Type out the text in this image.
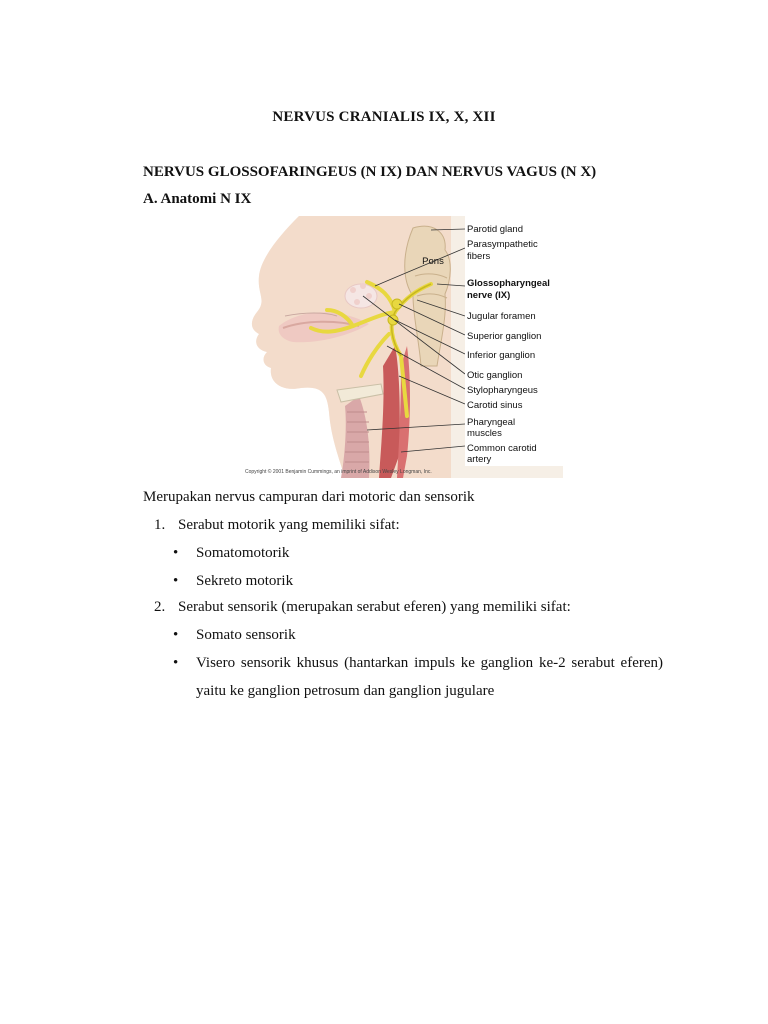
NERVUS CRANIALIS IX, X, XII
NERVUS GLOSSOFARINGEUS (N IX) DAN NERVUS VAGUS (N X)
A. Anatomi N IX
Parotid gland
Parasympathetic
fibers
Glossopharyngeal
nerve (IX)
Jugular foramen
Superior ganglion
Inferior ganglion
Otic ganglion
Stylopharyngeus
Carotid sinus
Pharyngeal
muscles
Common carotid
artery
Pons
Copyright © 2001 Benjamin Cummings, an imprint of Addison Wesley Longman, Inc.
Merupakan nervus campuran dari motoric dan sensorik
1. Serabut motorik yang memiliki sifat:
•	Somatomotorik
•	Sekreto motorik
2. Serabut sensorik (merupakan serabut eferen) yang memiliki sifat:
•	Somato sensorik
•	Visero sensorik khusus (hantarkan impuls ke ganglion ke-2 serabut eferen) yaitu ke ganglion petrosum dan ganglion jugulare
